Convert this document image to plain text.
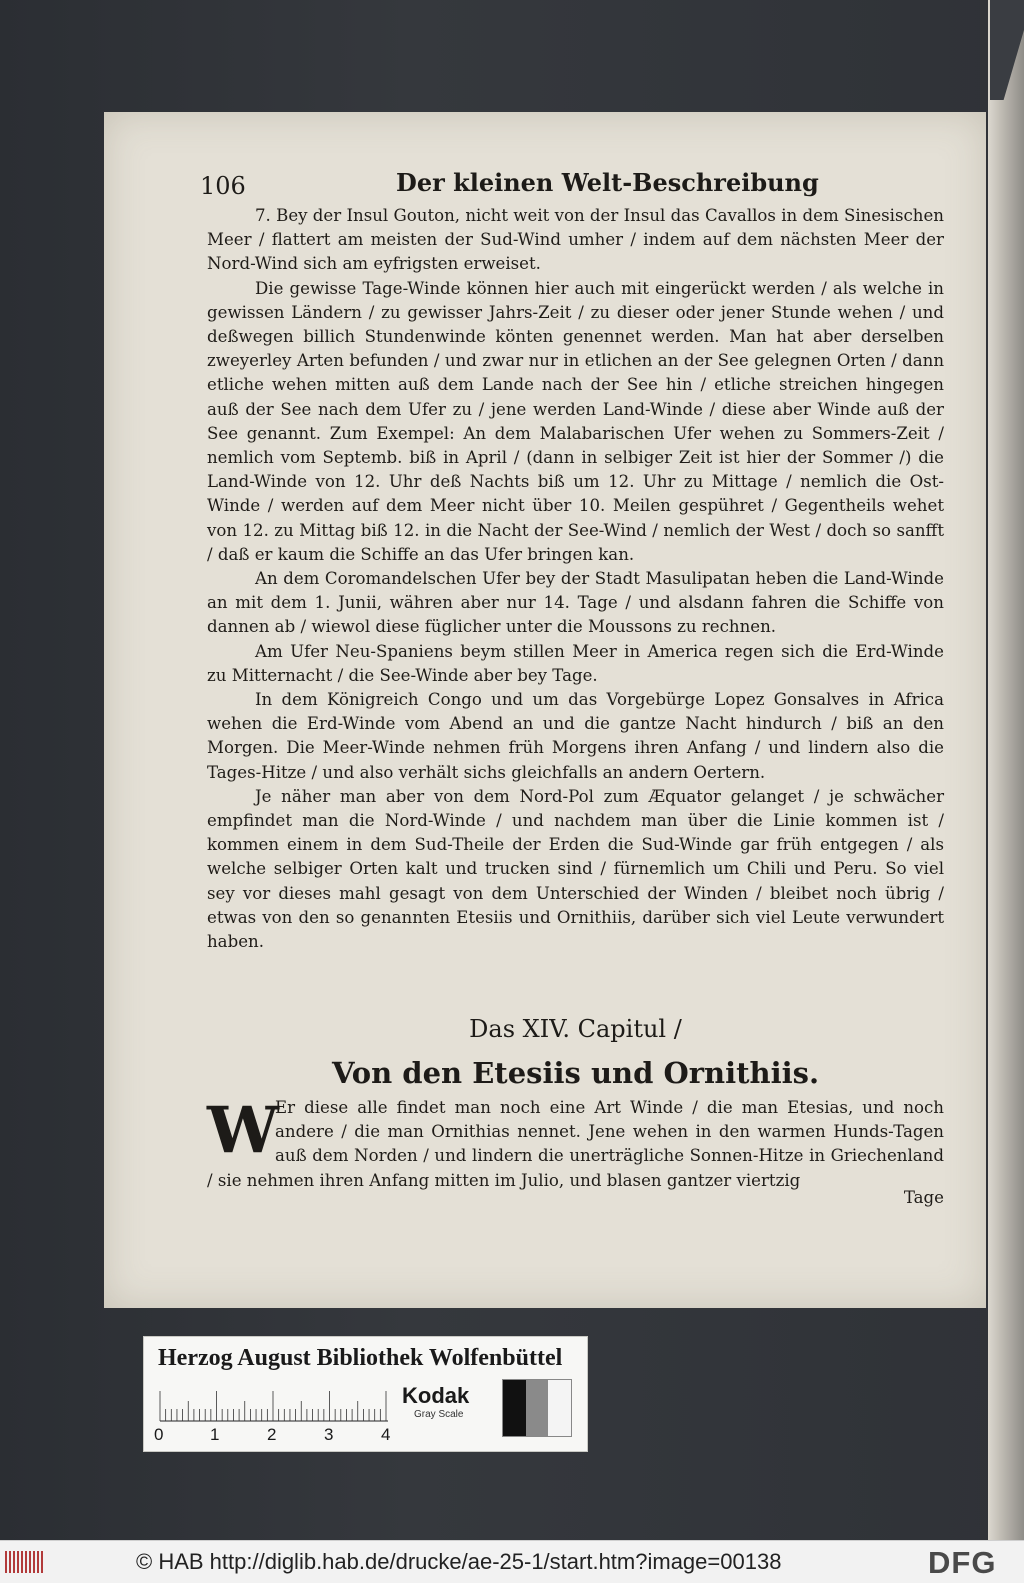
106	Der kleinen Welt-Beschreibung

7. Bey der Insul Gouton, nicht weit von der Insul das Cavallos in dem Sinesischen Meer / flattert am meisten der Sud-Wind umher / indem auf dem nächsten Meer der Nord-Wind sich am eyfrigsten erweiset.

Die gewisse Tage-Winde können hier auch mit eingerückt werden / als welche in gewissen Ländern / zu gewisser Jahrs-Zeit / zu dieser oder jener Stunde wehen / und deßwegen billich Stundenwinde könten genennet werden. Man hat aber derselben zweyerley Arten befunden / und zwar nur in etlichen an der See gelegnen Orten / dann etliche wehen mitten auß dem Lande nach der See hin / etliche streichen hingegen auß der See nach dem Ufer zu / jene werden Land-Winde / diese aber Winde auß der See genannt. Zum Exempel: An dem Malabarischen Ufer wehen zu Sommers-Zeit / nemlich vom Septemb. biß in April / (dann in selbiger Zeit ist hier der Sommer /) die Land-Winde von 12. Uhr deß Nachts biß um 12. Uhr zu Mittage / nemlich die Ost-Winde / werden auf dem Meer nicht über 10. Meilen gespühret / Gegentheils wehet von 12. zu Mittag biß 12. in die Nacht der See-Wind / nemlich der West / doch so sanfft / daß er kaum die Schiffe an das Ufer bringen kan.

An dem Coromandelschen Ufer bey der Stadt Masulipatan heben die Land-Winde an mit dem 1. Junii, währen aber nur 14. Tage / und alsdann fahren die Schiffe von dannen ab / wiewol diese füglicher unter die Moussons zu rechnen.

Am Ufer Neu-Spaniens beym stillen Meer in America regen sich die Erd-Winde zu Mitternacht / die See-Winde aber bey Tage.

In dem Königreich Congo und um das Vorgebürge Lopez Gonsalves in Africa wehen die Erd-Winde vom Abend an und die gantze Nacht hindurch / biß an den Morgen. Die Meer-Winde nehmen früh Morgens ihren Anfang / und lindern also die Tages-Hitze / und also verhält sichs gleichfalls an andern Oertern.

Je näher man aber von dem Nord-Pol zum Æquator gelanget / je schwächer empfindet man die Nord-Winde / und nachdem man über die Linie kommen ist / kommen einem in dem Sud-Theile der Erden die Sud-Winde gar früh entgegen / als welche selbiger Orten kalt und trucken sind / fürnemlich um Chili und Peru. So viel sey vor dieses mahl gesagt von dem Unterschied der Winden / bleibet noch übrig / etwas von den so genannten Etesiis und Ornithiis, darüber sich viel Leute verwundert haben.

Das XIV. Capitul /
Von den Etesiis und Ornithiis.
W
Er diese alle findet man noch eine Art Winde / die man Etesias, und noch andere / die man Ornithias nennet. Jene wehen in den warmen Hunds-Tagen auß dem Norden / und lindern die unerträgliche Sonnen-Hitze in Griechenland / sie nehmen ihren Anfang mitten im Julio, und blasen gantzer viertzig
Tage
Herzog August Bibliothek Wolfenbüttel
0	1	2	3	4
Kodak
Gray Scale
© HAB http://diglib.hab.de/drucke/ae-25-1/start.htm?image=00138	DFG
